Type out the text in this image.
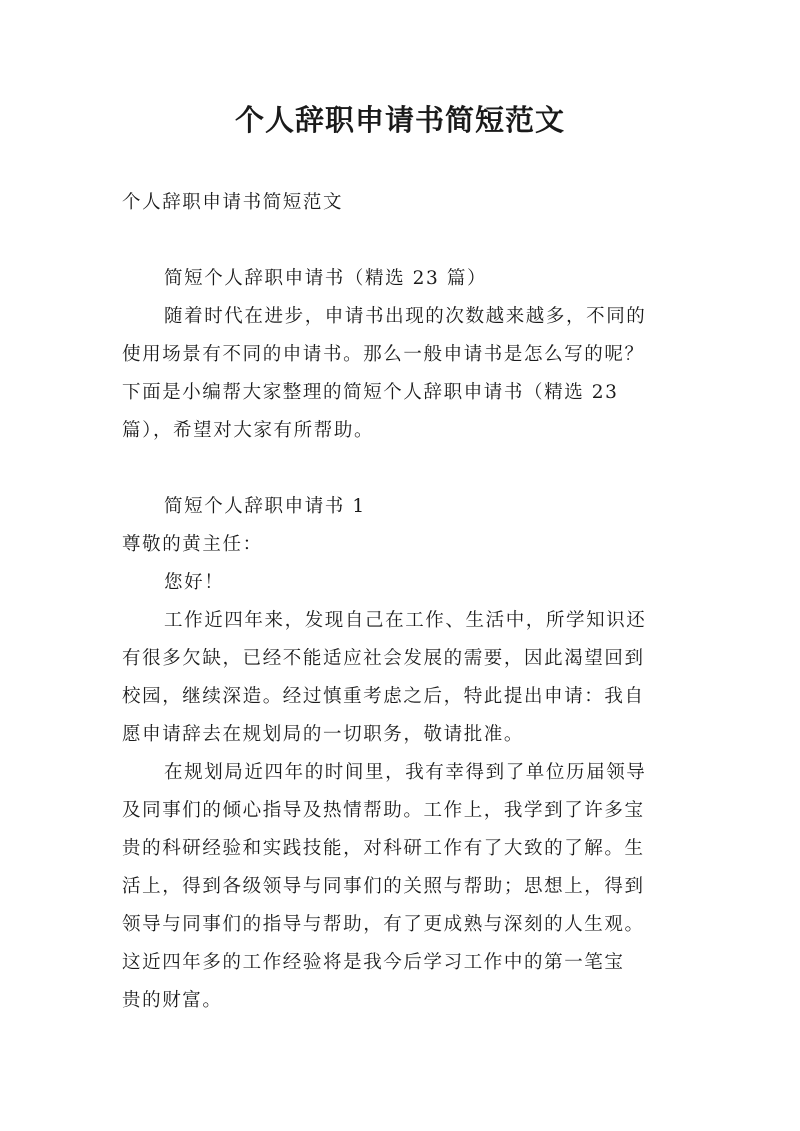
个人辞职申请书简短范文
个人辞职申请书简短范文
简短个人辞职申请书（精选 23 篇）
随着时代在进步，申请书出现的次数越来越多，不同的
使用场景有不同的申请书。那么一般申请书是怎么写的呢？
下面是小编帮大家整理的简短个人辞职申请书（精选 23
篇），希望对大家有所帮助。
简短个人辞职申请书 1
尊敬的黄主任：
您好！
工作近四年来，发现自己在工作、生活中，所学知识还
有很多欠缺，已经不能适应社会发展的需要，因此渴望回到
校园，继续深造。经过慎重考虑之后，特此提出申请：我自
愿申请辞去在规划局的一切职务，敬请批准。
在规划局近四年的时间里，我有幸得到了单位历届领导
及同事们的倾心指导及热情帮助。工作上，我学到了许多宝
贵的科研经验和实践技能，对科研工作有了大致的了解。生
活上，得到各级领导与同事们的关照与帮助；思想上，得到
领导与同事们的指导与帮助，有了更成熟与深刻的人生观。
这近四年多的工作经验将是我今后学习工作中的第一笔宝
贵的财富。
